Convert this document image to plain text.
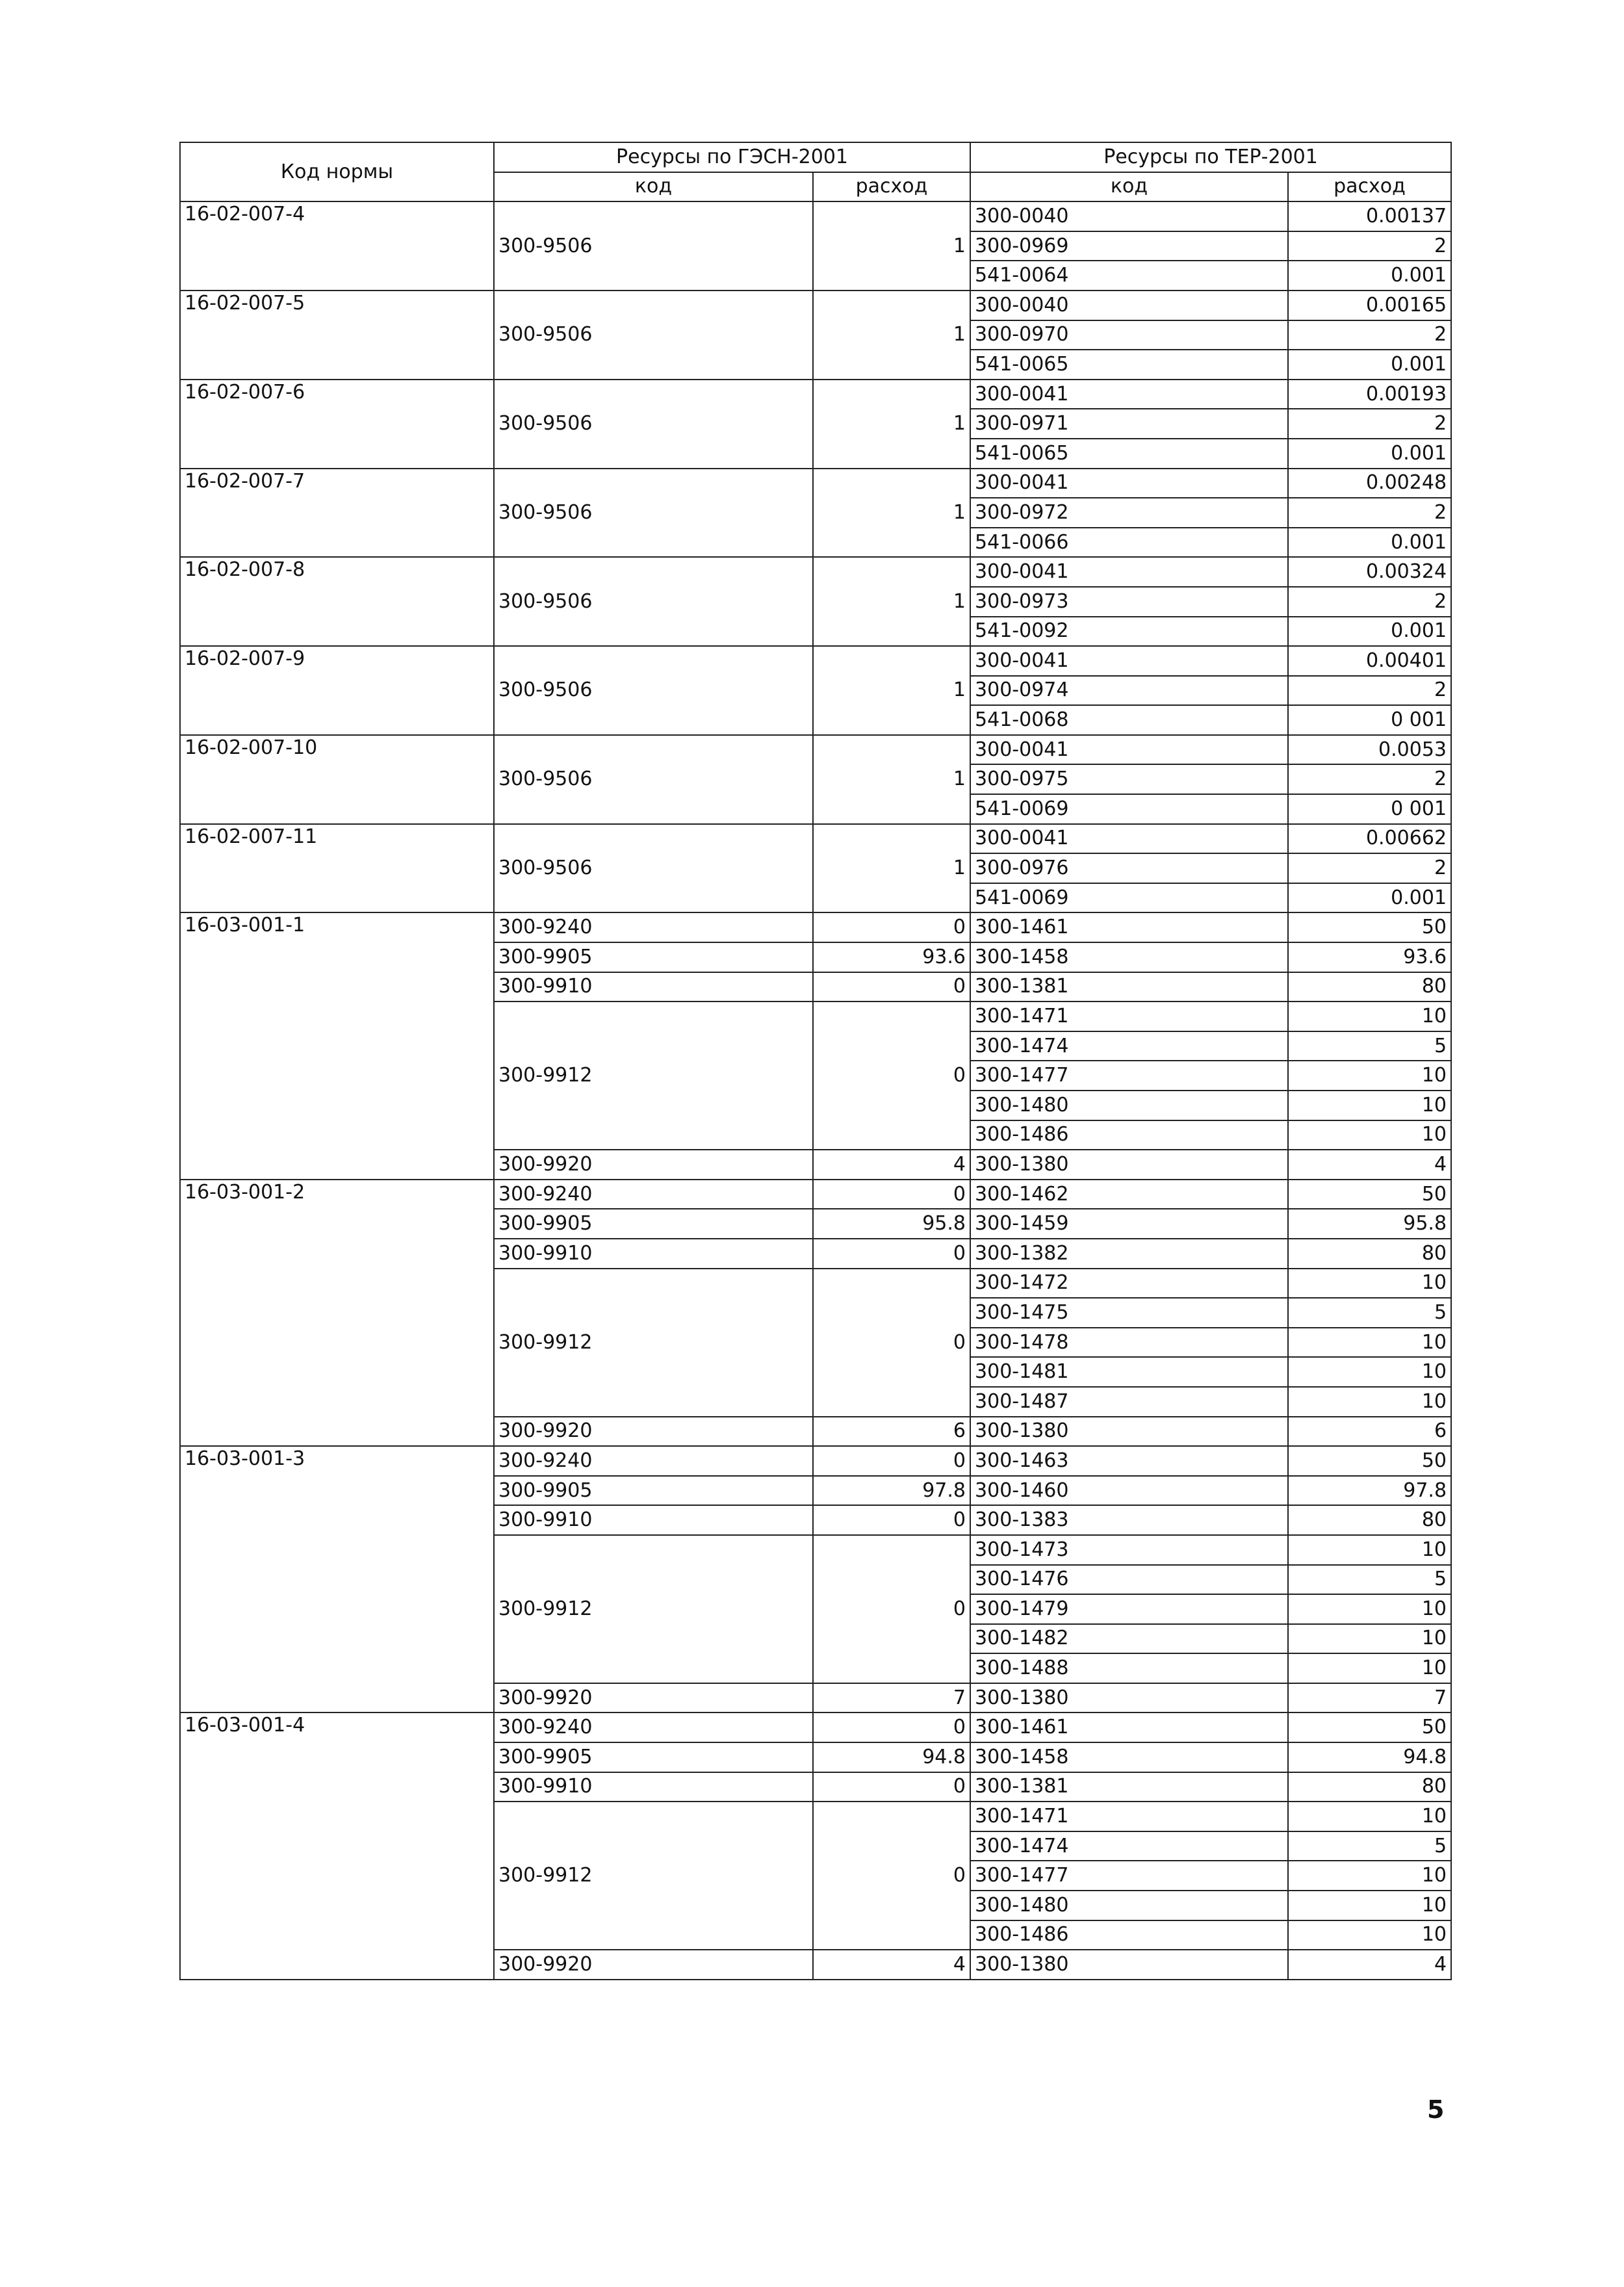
Код нормы	Ресурсы по ГЭСН-2001		Ресурсы по ТЕР-2001	
	код	расход	код	расход
16-02-007-4	300-9506	1	300-0040	0.00137
			300-0969	2
			541-0064	0.001
16-02-007-5	300-9506	1	300-0040	0.00165
			300-0970	2
			541-0065	0.001
16-02-007-6	300-9506	1	300-0041	0.00193
			300-0971	2
			541-0065	0.001
16-02-007-7	300-9506	1	300-0041	0.00248
			300-0972	2
			541-0066	0.001
16-02-007-8	300-9506	1	300-0041	0.00324
			300-0973	2
			541-0092	0.001
16-02-007-9	300-9506	1	300-0041	0.00401
			300-0974	2
			541-0068	0 001
16-02-007-10	300-9506	1	300-0041	0.0053
			300-0975	2
			541-0069	0 001
16-02-007-11	300-9506	1	300-0041	0.00662
			300-0976	2
			541-0069	0.001
16-03-001-1	300-9240	0	300-1461	50
	300-9905	93.6	300-1458	93.6
	300-9910	0	300-1381	80
	300-9912	0	300-1471	10
			300-1474	5
			300-1477	10
			300-1480	10
			300-1486	10
	300-9920	4	300-1380	4
16-03-001-2	300-9240	0	300-1462	50
	300-9905	95.8	300-1459	95.8
	300-9910	0	300-1382	80
	300-9912	0	300-1472	10
			300-1475	5
			300-1478	10
			300-1481	10
			300-1487	10
	300-9920	6	300-1380	6
16-03-001-3	300-9240	0	300-1463	50
	300-9905	97.8	300-1460	97.8
	300-9910	0	300-1383	80
	300-9912	0	300-1473	10
			300-1476	5
			300-1479	10
			300-1482	10
			300-1488	10
	300-9920	7	300-1380	7
16-03-001-4	300-9240	0	300-1461	50
	300-9905	94.8	300-1458	94.8
	300-9910	0	300-1381	80
	300-9912	0	300-1471	10
			300-1474	5
			300-1477	10
			300-1480	10
			300-1486	10
	300-9920	4	300-1380	4
5
